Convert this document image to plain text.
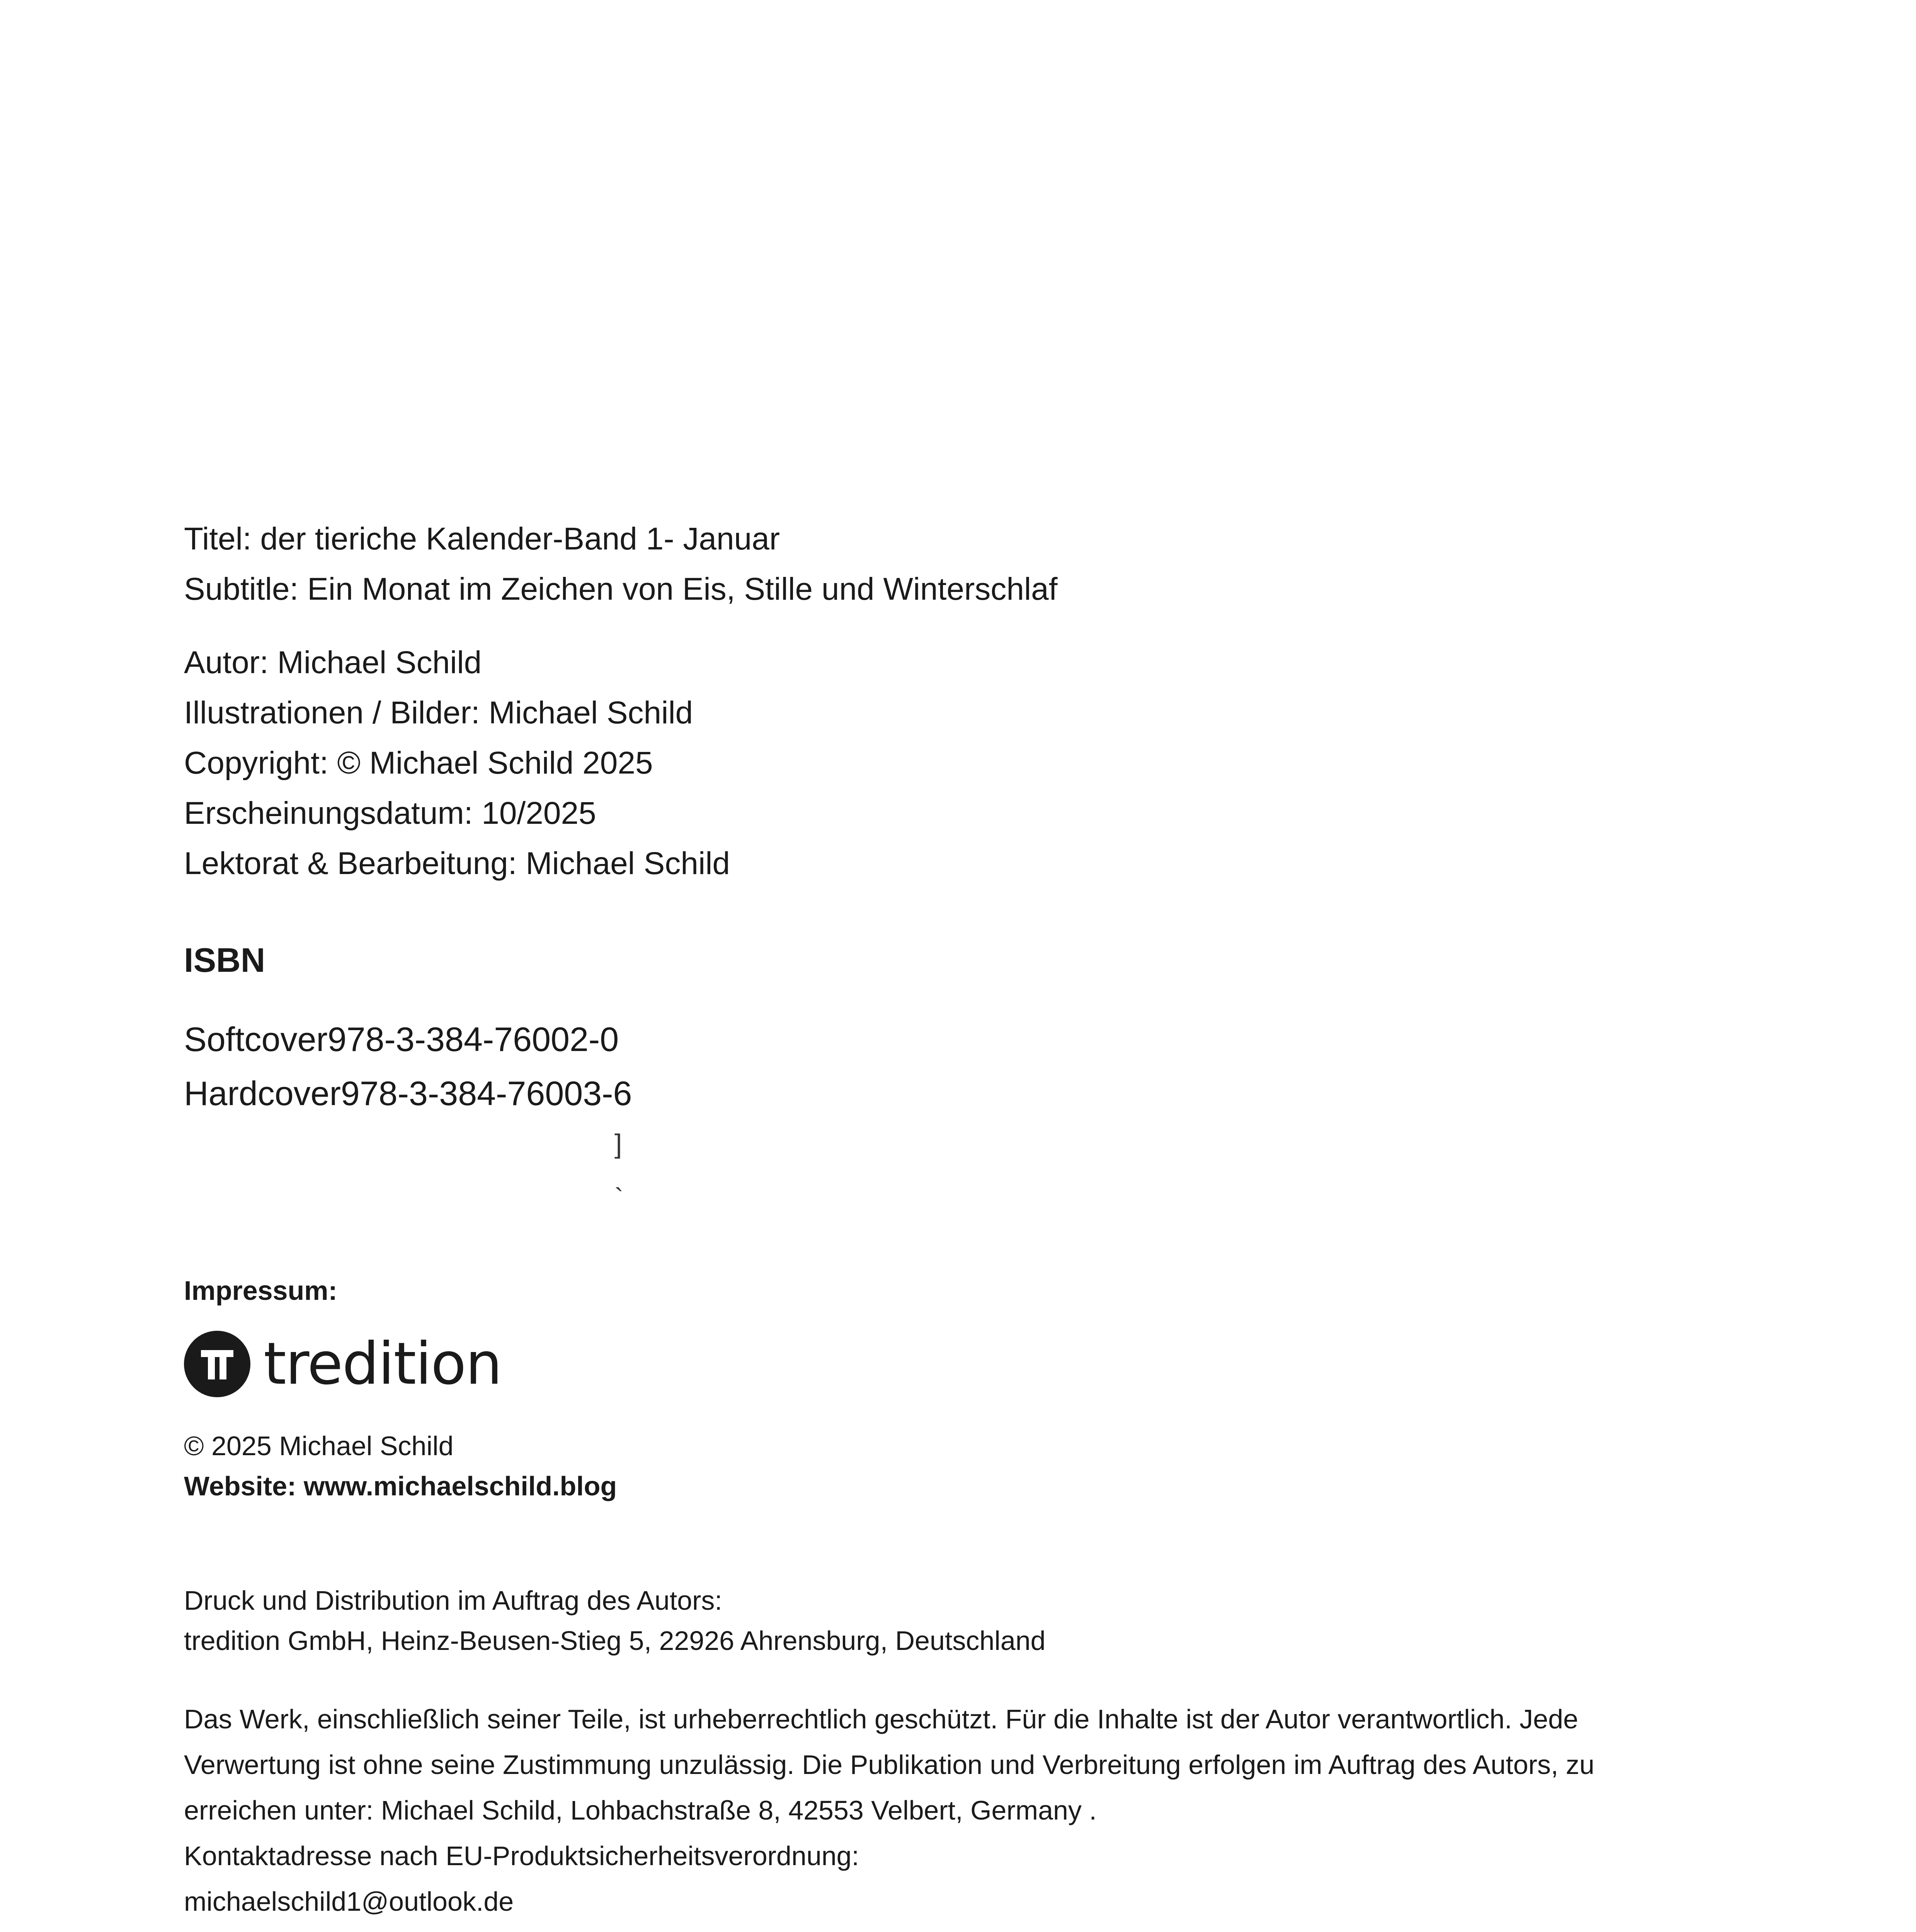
Titel: der tieriche Kalender-Band 1- Januar
Subtitle: Ein Monat im Zeichen von Eis, Stille und Winterschlaf
Autor: Michael Schild
Illustrationen / Bilder: Michael Schild
Copyright: © Michael Schild 2025
Erscheinungsdatum: 10/2025
Lektorat & Bearbeitung: Michael Schild
ISBN
Softcover978-3-384-76002-0
Hardcover978-3-384-76003-6
]
`
Impressum:
tredition
© 2025 Michael Schild
Website: www.michaelschild.blog
Druck und Distribution im Auftrag des Autors:
tredition GmbH, Heinz-Beusen-Stieg 5, 22926 Ahrensburg, Deutschland
Das Werk, einschließlich seiner Teile, ist urheberrechtlich geschützt. Für die Inhalte ist der Autor verantwortlich. Jede
Verwertung ist ohne seine Zustimmung unzulässig. Die Publikation und Verbreitung erfolgen im Auftrag des Autors, zu
erreichen unter: Michael Schild, Lohbachstraße 8, 42553 Velbert, Germany .
Kontaktadresse nach EU-Produktsicherheitsverordnung:
michaelschild1@outlook.de
